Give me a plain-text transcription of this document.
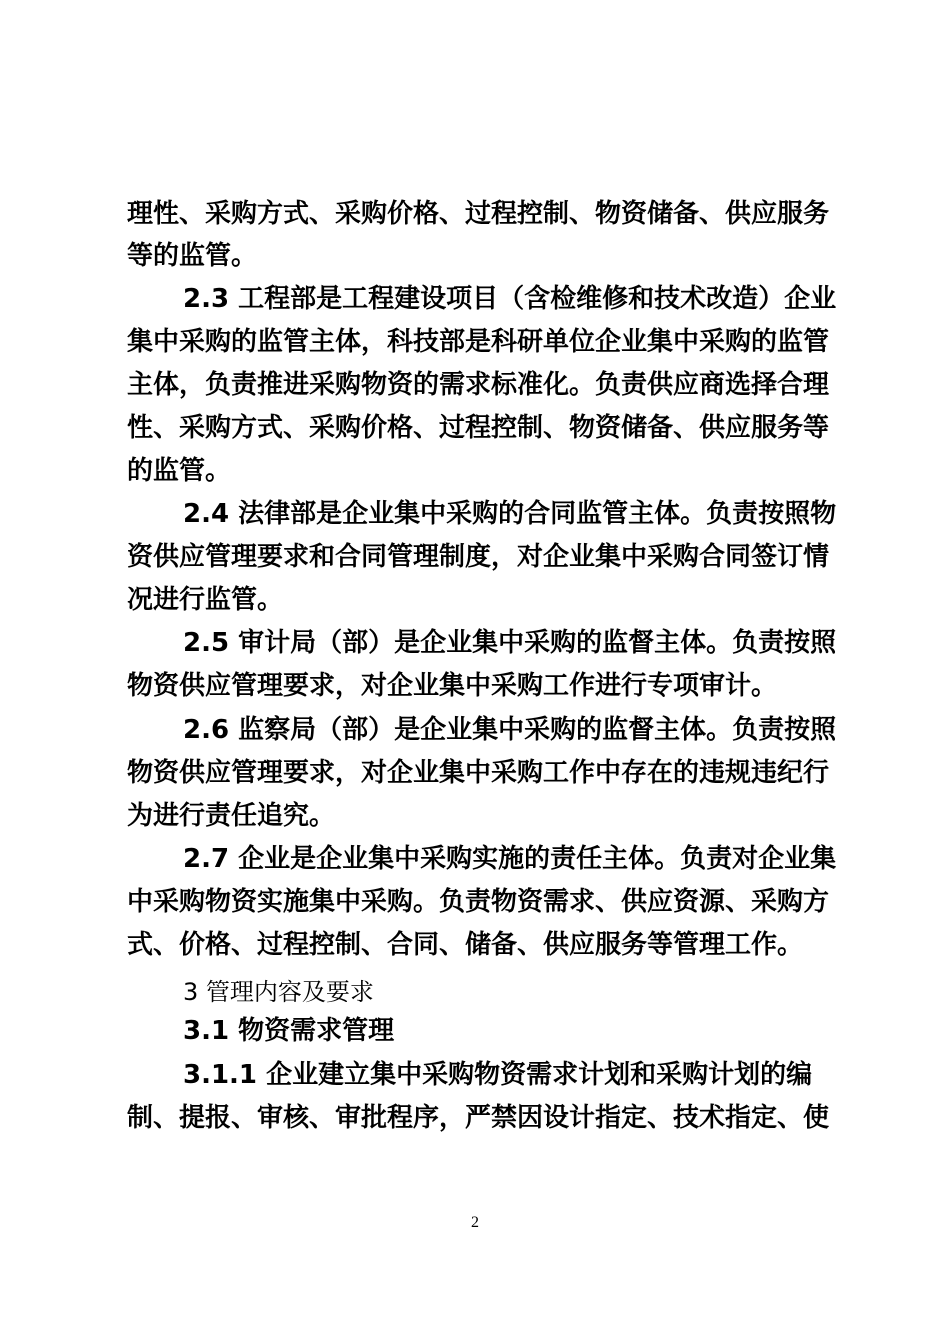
理性、采购方式、采购价格、过程控制、物资储备、供应服务
等的监管。
2.3 工程部是工程建设项目（含检维修和技术改造）企业
集中采购的监管主体，科技部是科研单位企业集中采购的监管
主体，负责推进采购物资的需求标准化。负责供应商选择合理
性、采购方式、采购价格、过程控制、物资储备、供应服务等
的监管。
2.4 法律部是企业集中采购的合同监管主体。负责按照物
资供应管理要求和合同管理制度，对企业集中采购合同签订情
况进行监管。
2.5 审计局（部）是企业集中采购的监督主体。负责按照
物资供应管理要求，对企业集中采购工作进行专项审计。
2.6 监察局（部）是企业集中采购的监督主体。负责按照
物资供应管理要求，对企业集中采购工作中存在的违规违纪行
为进行责任追究。
2.7 企业是企业集中采购实施的责任主体。负责对企业集
中采购物资实施集中采购。负责物资需求、供应资源、采购方
式、价格、过程控制、合同、储备、供应服务等管理工作。
3 管理内容及要求
3.1 物资需求管理
3.1.1 企业建立集中采购物资需求计划和采购计划的编
制、提报、审核、审批程序，严禁因设计指定、技术指定、使
2
